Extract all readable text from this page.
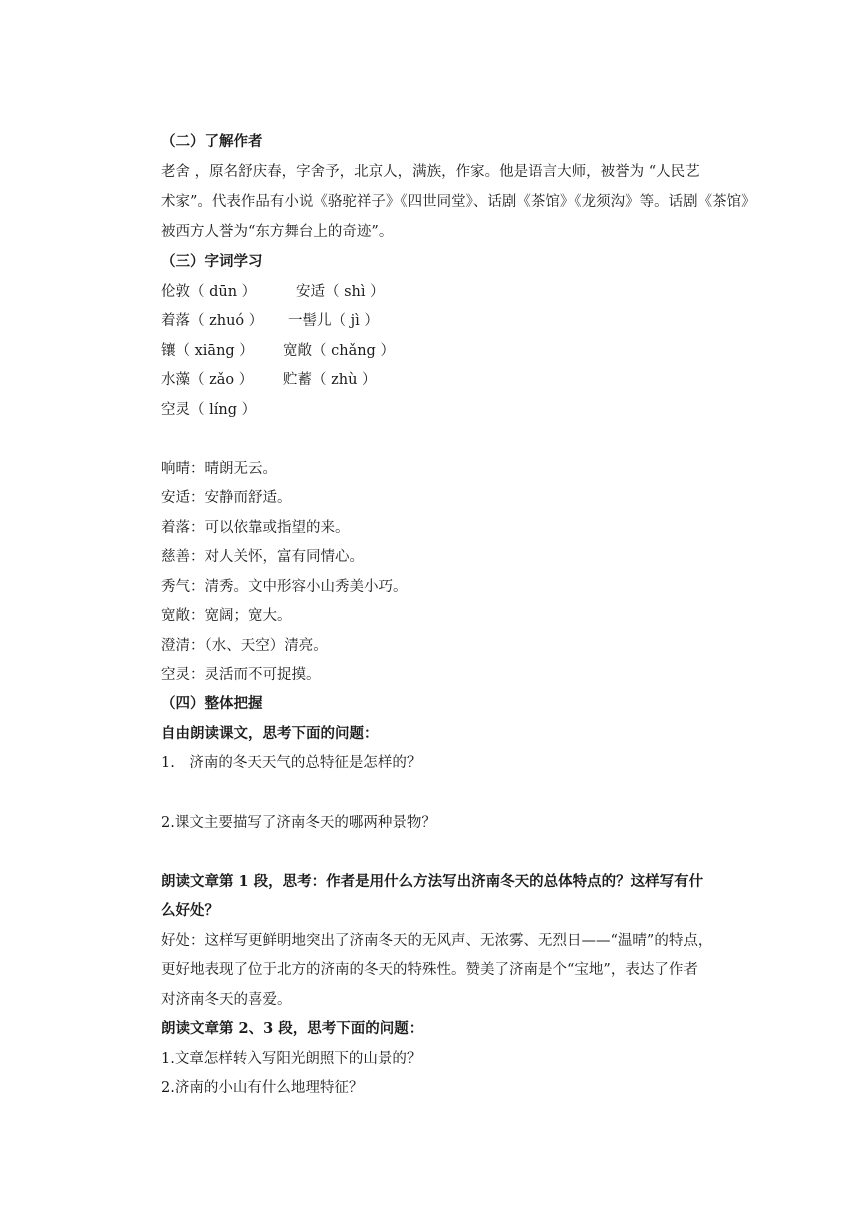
（二）了解作者
老舍 ，原名舒庆春，字舍予，北京人，满族，作家。他是语言大师，被誉为 “人民艺
术家”。代表作品有小说《骆驼祥子》《四世同堂》、话剧《茶馆》《龙须沟》等。话剧《茶馆》
被西方人誉为“东方舞台上的奇迹”。
（三）字词学习
伦敦（ dūn ）	安适（ shì ）
着落（ zhuó ） 一髻儿（ jì ）
镶（ xiāng ） 宽敞（ chǎng ）
水藻（ zǎo ） 贮蓄（ zhù ）
空灵（ líng ）
响晴：晴朗无云。
安适：安静而舒适。
着落：可以依靠或指望的来。
慈善：对人关怀，富有同情心。
秀气：清秀。文中形容小山秀美小巧。
宽敞：宽阔；宽大。
澄清：（水、天空）清亮。
空灵：灵活而不可捉摸。
（四）整体把握
自由朗读课文，思考下面的问题：
1.　济南的冬天天气的总特征是怎样的？
2.课文主要描写了济南冬天的哪两种景物？
朗读文章第 1 段，思考：作者是用什么方法写出济南冬天的总体特点的？这样写有什
么好处？
好处：这样写更鲜明地突出了济南冬天的无风声、无浓雾、无烈日——“温晴”的特点，
更好地表现了位于北方的济南的冬天的特殊性。赞美了济南是个“宝地”，表达了作者
对济南冬天的喜爱。
朗读文章第 2、3 段，思考下面的问题：
1.文章怎样转入写阳光朗照下的山景的？
2.济南的小山有什么地理特征？
